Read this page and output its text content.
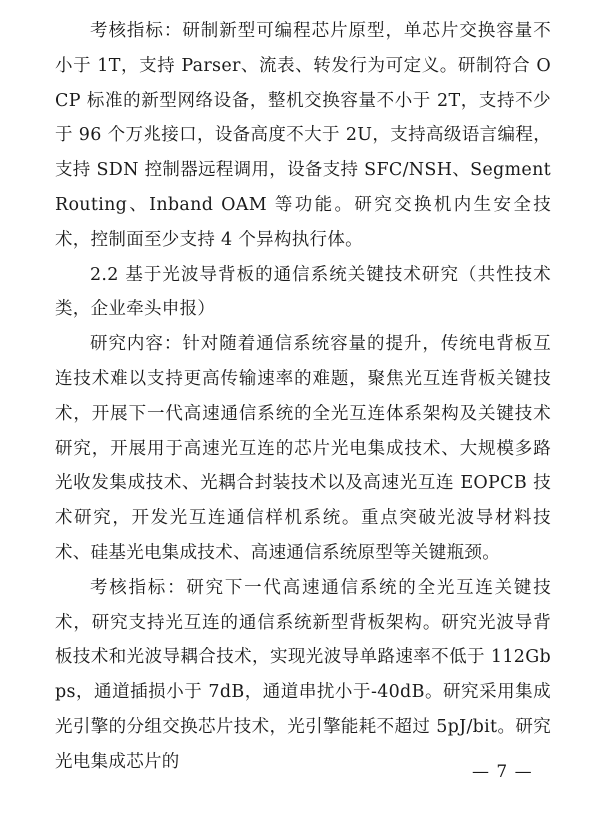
考核指标：研制新型可编程芯片原型，单芯片交换容量不小于 1T，支持 Parser、流表、转发行为可定义。研制符合 OCP 标准的新型网络设备，整机交换容量不小于 2T，支持不少于 96 个万兆接口，设备高度不大于 2U，支持高级语言编程，支持 SDN 控制器远程调用，设备支持 SFC/NSH、SegmentRouting、Inband OAM 等功能。研究交换机内生安全技术，控制面至少支持 4 个异构执行体。

2.2 基于光波导背板的通信系统关键技术研究（共性技术类，企业牵头申报）

研究内容：针对随着通信系统容量的提升，传统电背板互连技术难以支持更高传输速率的难题，聚焦光互连背板关键技术，开展下一代高速通信系统的全光互连体系架构及关键技术研究，开展用于高速光互连的芯片光电集成技术、大规模多路光收发集成技术、光耦合封装技术以及高速光互连 EOPCB 技术研究，开发光互连通信样机系统。重点突破光波导材料技术、硅基光电集成技术、高速通信系统原型等关键瓶颈。

考核指标：研究下一代高速通信系统的全光互连关键技术，研究支持光互连的通信系统新型背板架构。研究光波导背板技术和光波导耦合技术，实现光波导单路速率不低于 112Gbps，通道插损小于 7dB，通道串扰小于-40dB。研究采用集成光引擎的分组交换芯片技术，光引擎能耗不超过 5pJ/bit。研究光电集成芯片的

— 7 —
